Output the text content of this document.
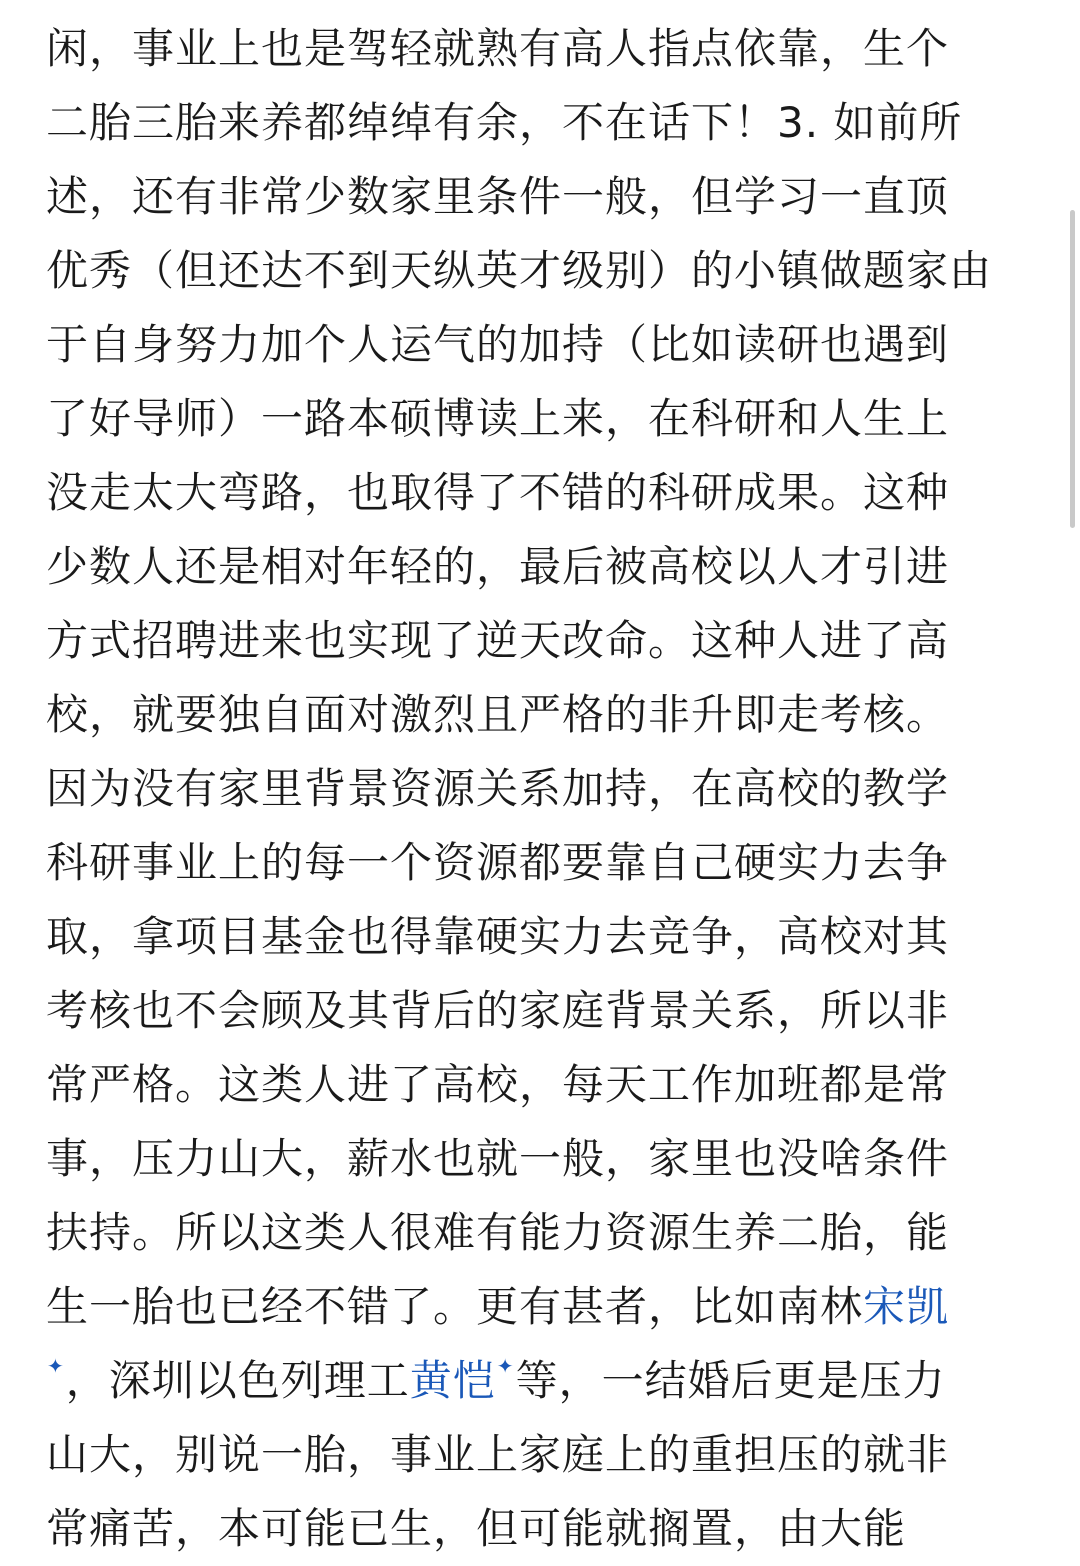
闲，事业上也是驾轻就熟有高人指点依靠，生个
二胎三胎来养都绰绰有余，不在话下！3. 如前所
述，还有非常少数家里条件一般，但学习一直顶
优秀（但还达不到天纵英才级别）的小镇做题家由
于自身努力加个人运气的加持（比如读研也遇到
了好导师）一路本硕博读上来，在科研和人生上
没走太大弯路，也取得了不错的科研成果。这种
少数人还是相对年轻的，最后被高校以人才引进
方式招聘进来也实现了逆天改命。这种人进了高
校，就要独自面对激烈且严格的非升即走考核。
因为没有家里背景资源关系加持，在高校的教学
科研事业上的每一个资源都要靠自己硬实力去争
取，拿项目基金也得靠硬实力去竞争，高校对其
考核也不会顾及其背后的家庭背景关系，所以非
常严格。这类人进了高校，每天工作加班都是常
事，压力山大，薪水也就一般，家里也没啥条件
扶持。所以这类人很难有能力资源生养二胎，能
生一胎也已经不错了。更有甚者，比如南林宋凯
✦，深圳以色列理工黄恺✦等，一结婚后更是压力
山大，别说一胎，事业上家庭上的重担压的就非
常痛苦，本可能已生，但可能就搁置，由大能
